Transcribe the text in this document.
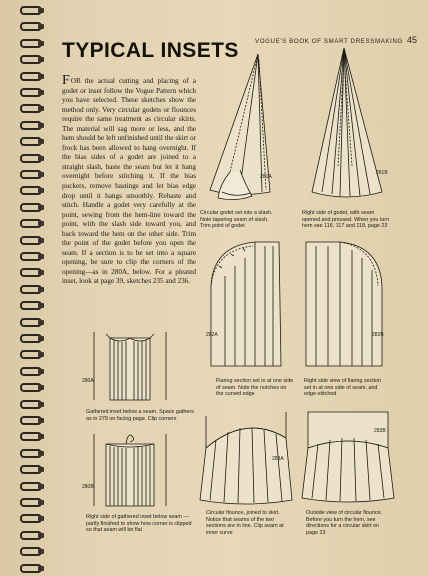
VOGUE'S BOOK OF SMART DRESSMAKING 45
TYPICAL INSETS
FOR the actual cutting and placing of a godet or inset follow the Vogue Pattern which you have selected. These sketches show the method only. Very circular godets or flounces require the same treatment as circular skirts. The material will sag more or less, and the hem should be left unfinished until the skirt or frock has been allowed to hang overnight. If the bias sides of a godet are joined to a straight slash, baste the seam but let it hang overnight before stitching it. If the bias puckers, remove bastings and let bias edge drop until it hangs smoothly. Rebaste and stitch. Handle a godet very carefully at the point, sewing from the hem-line toward the point, with the slash side toward you, and back toward the hem on the other side. Trim the point of the godet before you open the seam. If a section is to be set into a square opening, be sure to clip the corners of the opening—as in 280A, below. For a pleated inset, look at page 39, sketches 235 and 236.
281A
Circular godet set into a slash. Note tapering seam of slash. Trim point of godet
281B
Right side of godet, with seam opened and pressed. When you turn hem see 116, 117 and 118, page 23
282A
Flaring section set in at one side of seam. Note the notches on the curved edge
282B
Right side view of flaring section set in at one side of seam, and edge-stitched
280A
Gathered inset below a seam. Space gathers as in 279 on facing page. Clip corners
280B
Right side of gathered inset below seam —partly finished to show how corner is clipped so that seam will be flat
283A
Circular flounce, joined to skirt. Notice that seams of the two sections are in line. Clip seam at inner curve
283B
Outside view of circular flounce. Before you turn the hem, see directions for a circular skirt on page 23
